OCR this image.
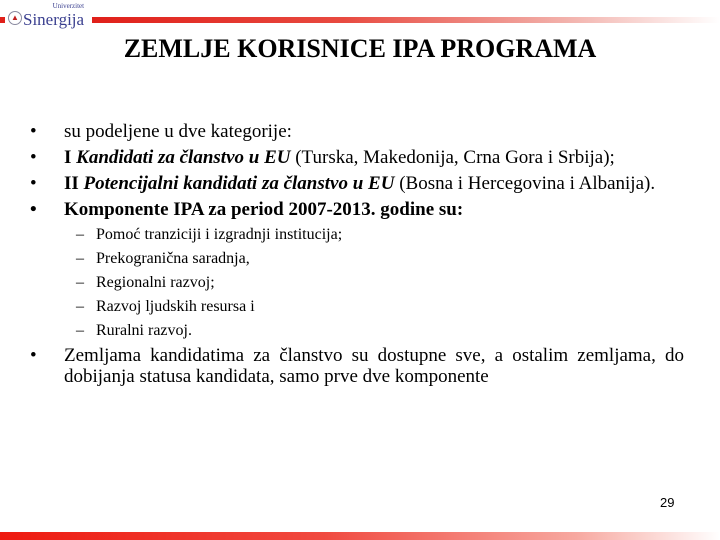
▲
Univerzitet
Sinergija
ZEMLJE KORISNICE IPA PROGRAMA
• su podeljene u dve kategorije:
• I Kandidati za članstvo u EU (Turska, Makedonija, Crna Gora i Srbija);
• II Potencijalni kandidati za članstvo u EU (Bosna i Hercegovina i Albanija).
• Komponente IPA za period 2007-2013. godine su:
– Pomoć tranziciji i izgradnji institucija;
– Prekogranična saradnja,
– Regionalni razvoj;
– Razvoj ljudskih resursa i
– Ruralni razvoj.
• Zemljama kandidatima za članstvo su dostupne sve, a ostalim zemljama, do dobijanja statusa kandidata, samo prve dve komponente
29
